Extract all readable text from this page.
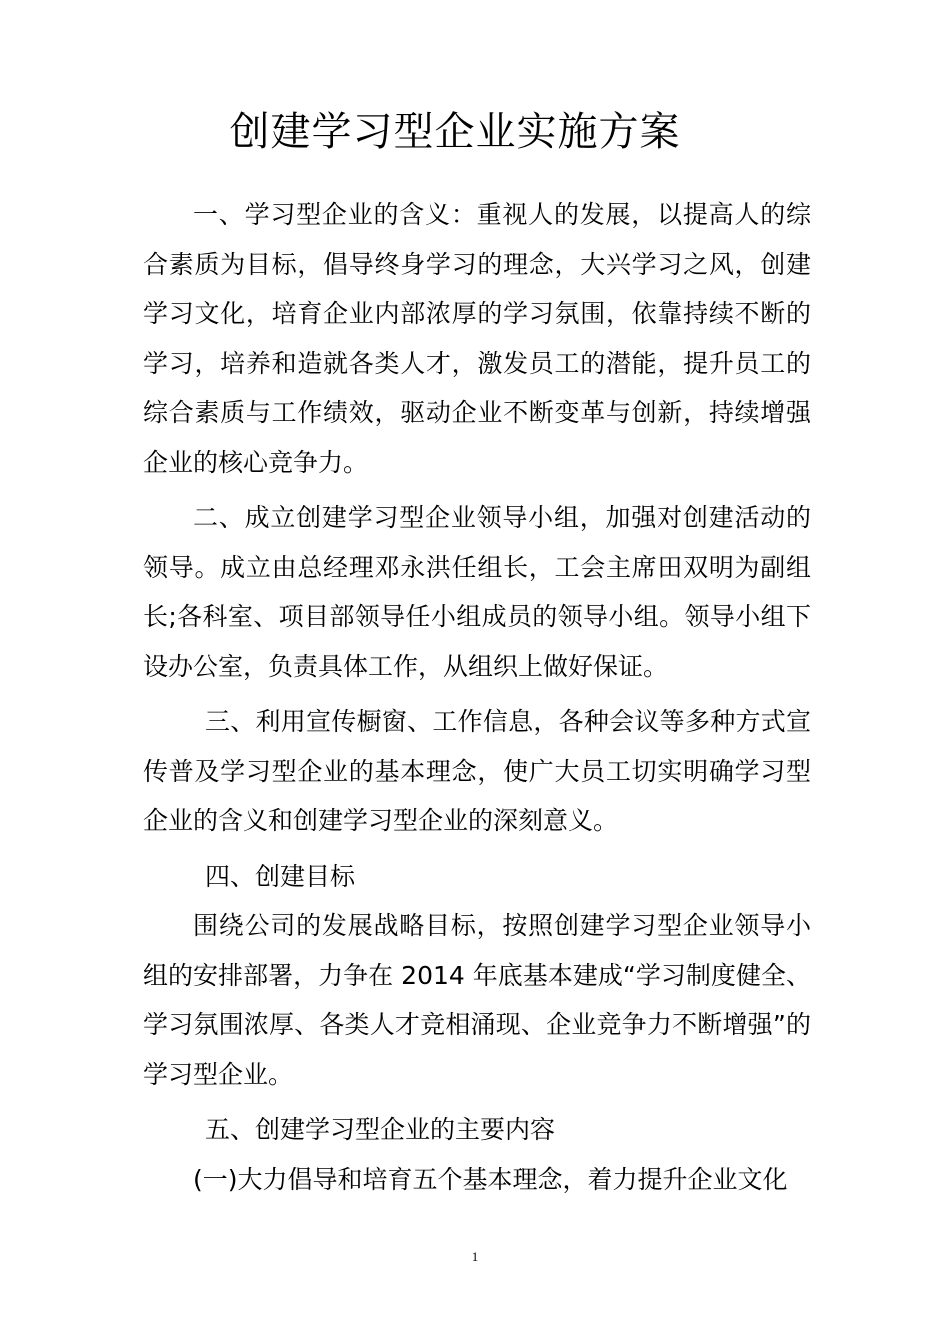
创建学习型企业实施方案

一、学习型企业的含义：重视人的发展，以提高人的综合素质为目标，倡导终身学习的理念，大兴学习之风，创建学习文化，培育企业内部浓厚的学习氛围，依靠持续不断的学习，培养和造就各类人才，激发员工的潜能，提升员工的综合素质与工作绩效，驱动企业不断变革与创新，持续增强企业的核心竞争力。

二、成立创建学习型企业领导小组，加强对创建活动的领导。成立由总经理邓永洪任组长，工会主席田双明为副组长;各科室、项目部领导任小组成员的领导小组。领导小组下设办公室，负责具体工作，从组织上做好保证。

三、利用宣传橱窗、工作信息，各种会议等多种方式宣传普及学习型企业的基本理念，使广大员工切实明确学习型企业的含义和创建学习型企业的深刻意义。

四、创建目标

围绕公司的发展战略目标，按照创建学习型企业领导小组的安排部署，力争在 2014 年底基本建成“学习制度健全、学习氛围浓厚、各类人才竞相涌现、企业竞争力不断增强”的学习型企业。

五、创建学习型企业的主要内容

(一)大力倡导和培育五个基本理念，着力提升企业文化

1
